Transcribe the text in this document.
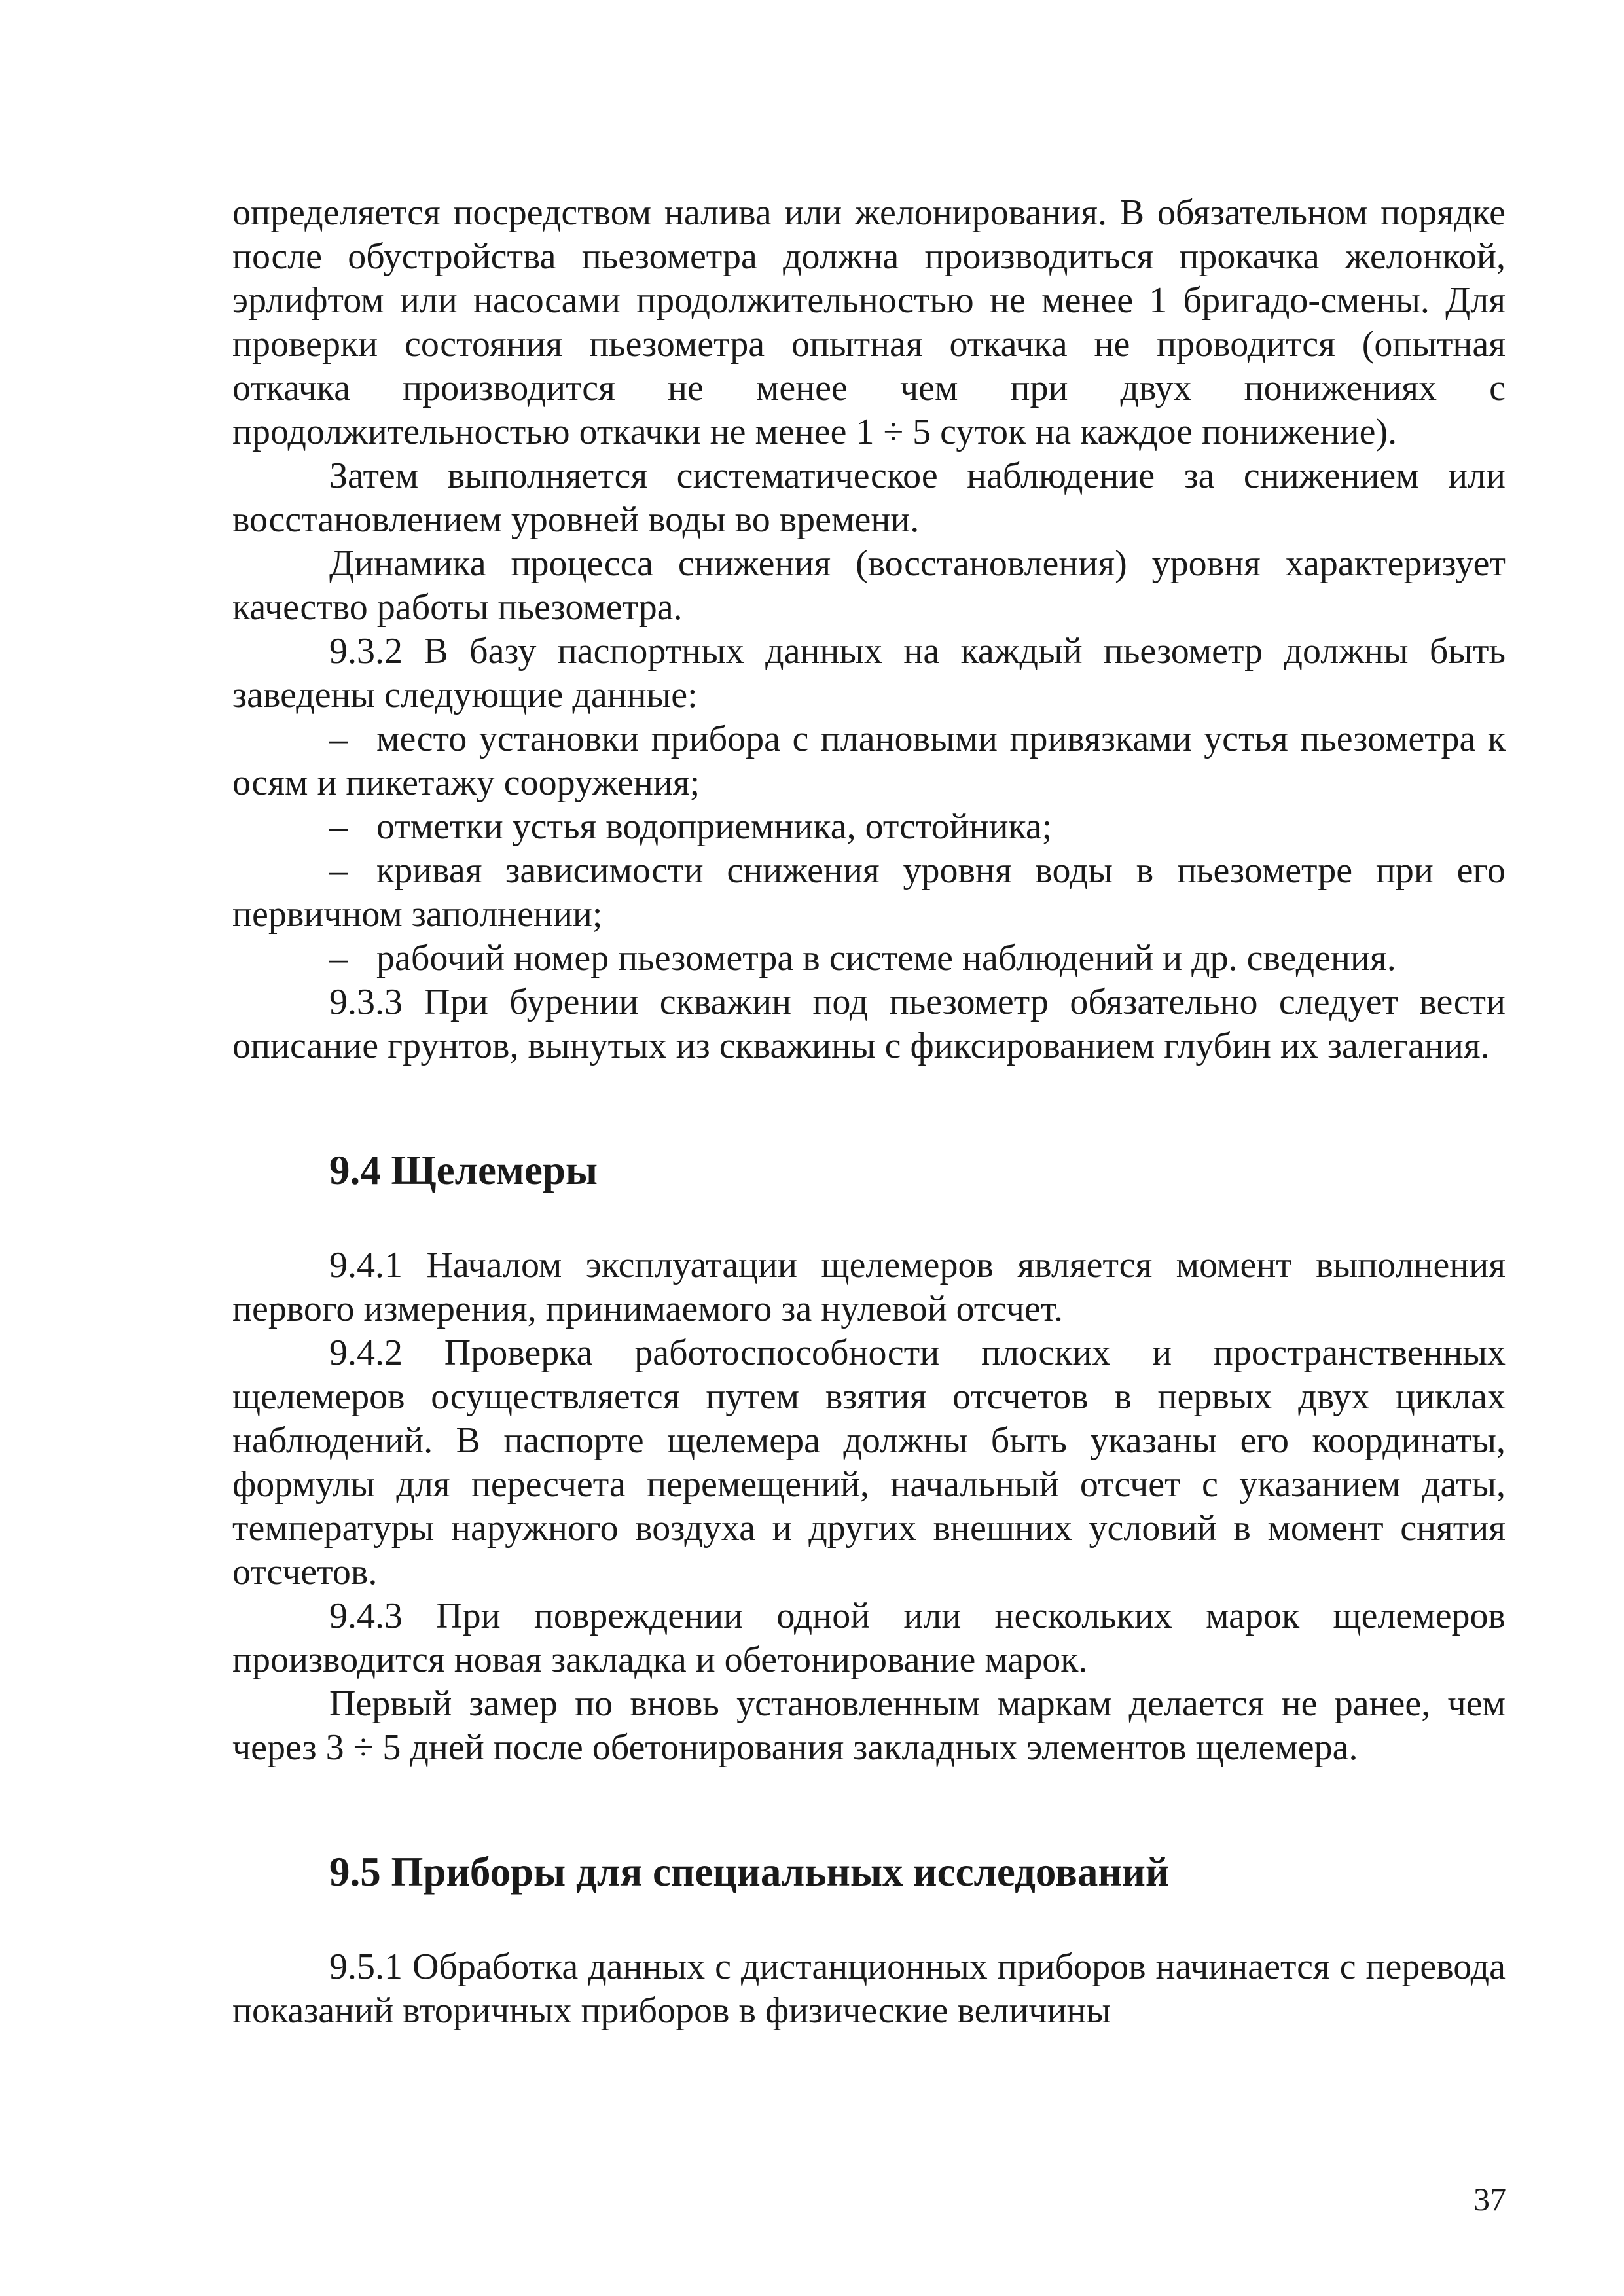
определяется посредством налива или желонирования. В обязательном порядке после обустройства пьезометра должна производиться прокачка желонкой, эрлифтом или насосами продолжительностью не менее 1 бригадо-смены. Для проверки состояния пьезометра опытная откачка не проводится (опытная откачка производится не менее чем при двух понижениях с продолжительностью откачки не менее 1 ÷ 5 суток на каждое понижение).

Затем выполняется систематическое наблюдение за снижением или восстановлением уровней воды во времени.

Динамика процесса снижения (восстановления) уровня характеризует качество работы пьезометра.

9.3.2 В базу паспортных данных на каждый пьезометр должны быть заведены следующие данные:

– место установки прибора с плановыми привязками устья пьезометра к осям и пикетажу сооружения;

– отметки устья водоприемника, отстойника;

– кривая зависимости снижения уровня воды в пьезометре при его первичном заполнении;

– рабочий номер пьезометра в системе наблюдений и др. сведения.

9.3.3 При бурении скважин под пьезометр обязательно следует вести описание грунтов, вынутых из скважины с фиксированием глубин их залегания.

9.4 Щелемеры

9.4.1 Началом эксплуатации щелемеров является момент выполнения первого измерения, принимаемого за нулевой отсчет.

9.4.2 Проверка работоспособности плоских и пространственных щелемеров осуществляется путем взятия отсчетов в первых двух циклах наблюдений. В паспорте щелемера должны быть указаны его координаты, формулы для пересчета перемещений, начальный отсчет с указанием даты, температуры наружного воздуха и других внешних условий в момент снятия отсчетов.

9.4.3 При повреждении одной или нескольких марок щелемеров производится новая закладка и обетонирование марок.

Первый замер по вновь установленным маркам делается не ранее, чем через 3 ÷ 5 дней после обетонирования закладных элементов щелемера.

9.5 Приборы для специальных исследований

9.5.1 Обработка данных с дистанционных приборов начинается с перевода показаний вторичных приборов в физические величины

37
